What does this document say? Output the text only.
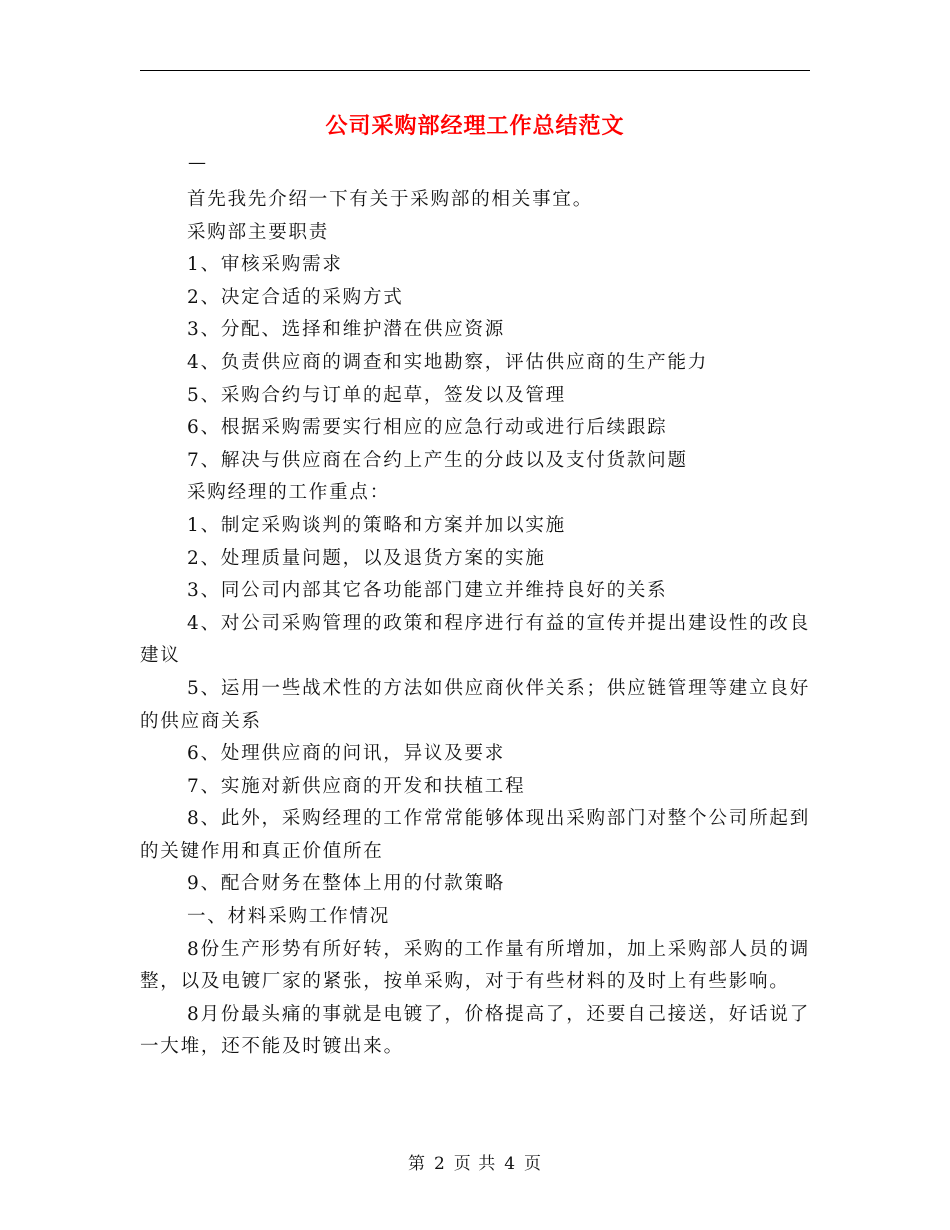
公司采购部经理工作总结范文
—

首先我先介绍一下有关于采购部的相关事宜。

采购部主要职责

1、审核采购需求

2、决定合适的采购方式

3、分配、选择和维护潜在供应资源

4、负责供应商的调查和实地勘察，评估供应商的生产能力

5、采购合约与订单的起草，签发以及管理

6、根据采购需要实行相应的应急行动或进行后续跟踪

7、解决与供应商在合约上产生的分歧以及支付货款问题

采购经理的工作重点：

1、制定采购谈判的策略和方案并加以实施

2、处理质量问题，以及退货方案的实施

3、同公司内部其它各功能部门建立并维持良好的关系

4、对公司采购管理的政策和程序进行有益的宣传并提出建设性的改良建议

5、运用一些战术性的方法如供应商伙伴关系；供应链管理等建立良好的供应商关系

6、处理供应商的问讯，异议及要求

7、实施对新供应商的开发和扶植工程

8、此外，采购经理的工作常常能够体现出采购部门对整个公司所起到的关键作用和真正价值所在

9、配合财务在整体上用的付款策略

一、材料采购工作情况

8份生产形势有所好转，采购的工作量有所增加，加上采购部人员的调整，以及电镀厂家的紧张，按单采购，对于有些材料的及时上有些影响。

8月份最头痛的事就是电镀了，价格提高了，还要自己接送，好话说了一大堆，还不能及时镀出来。

第 2 页 共 4 页
